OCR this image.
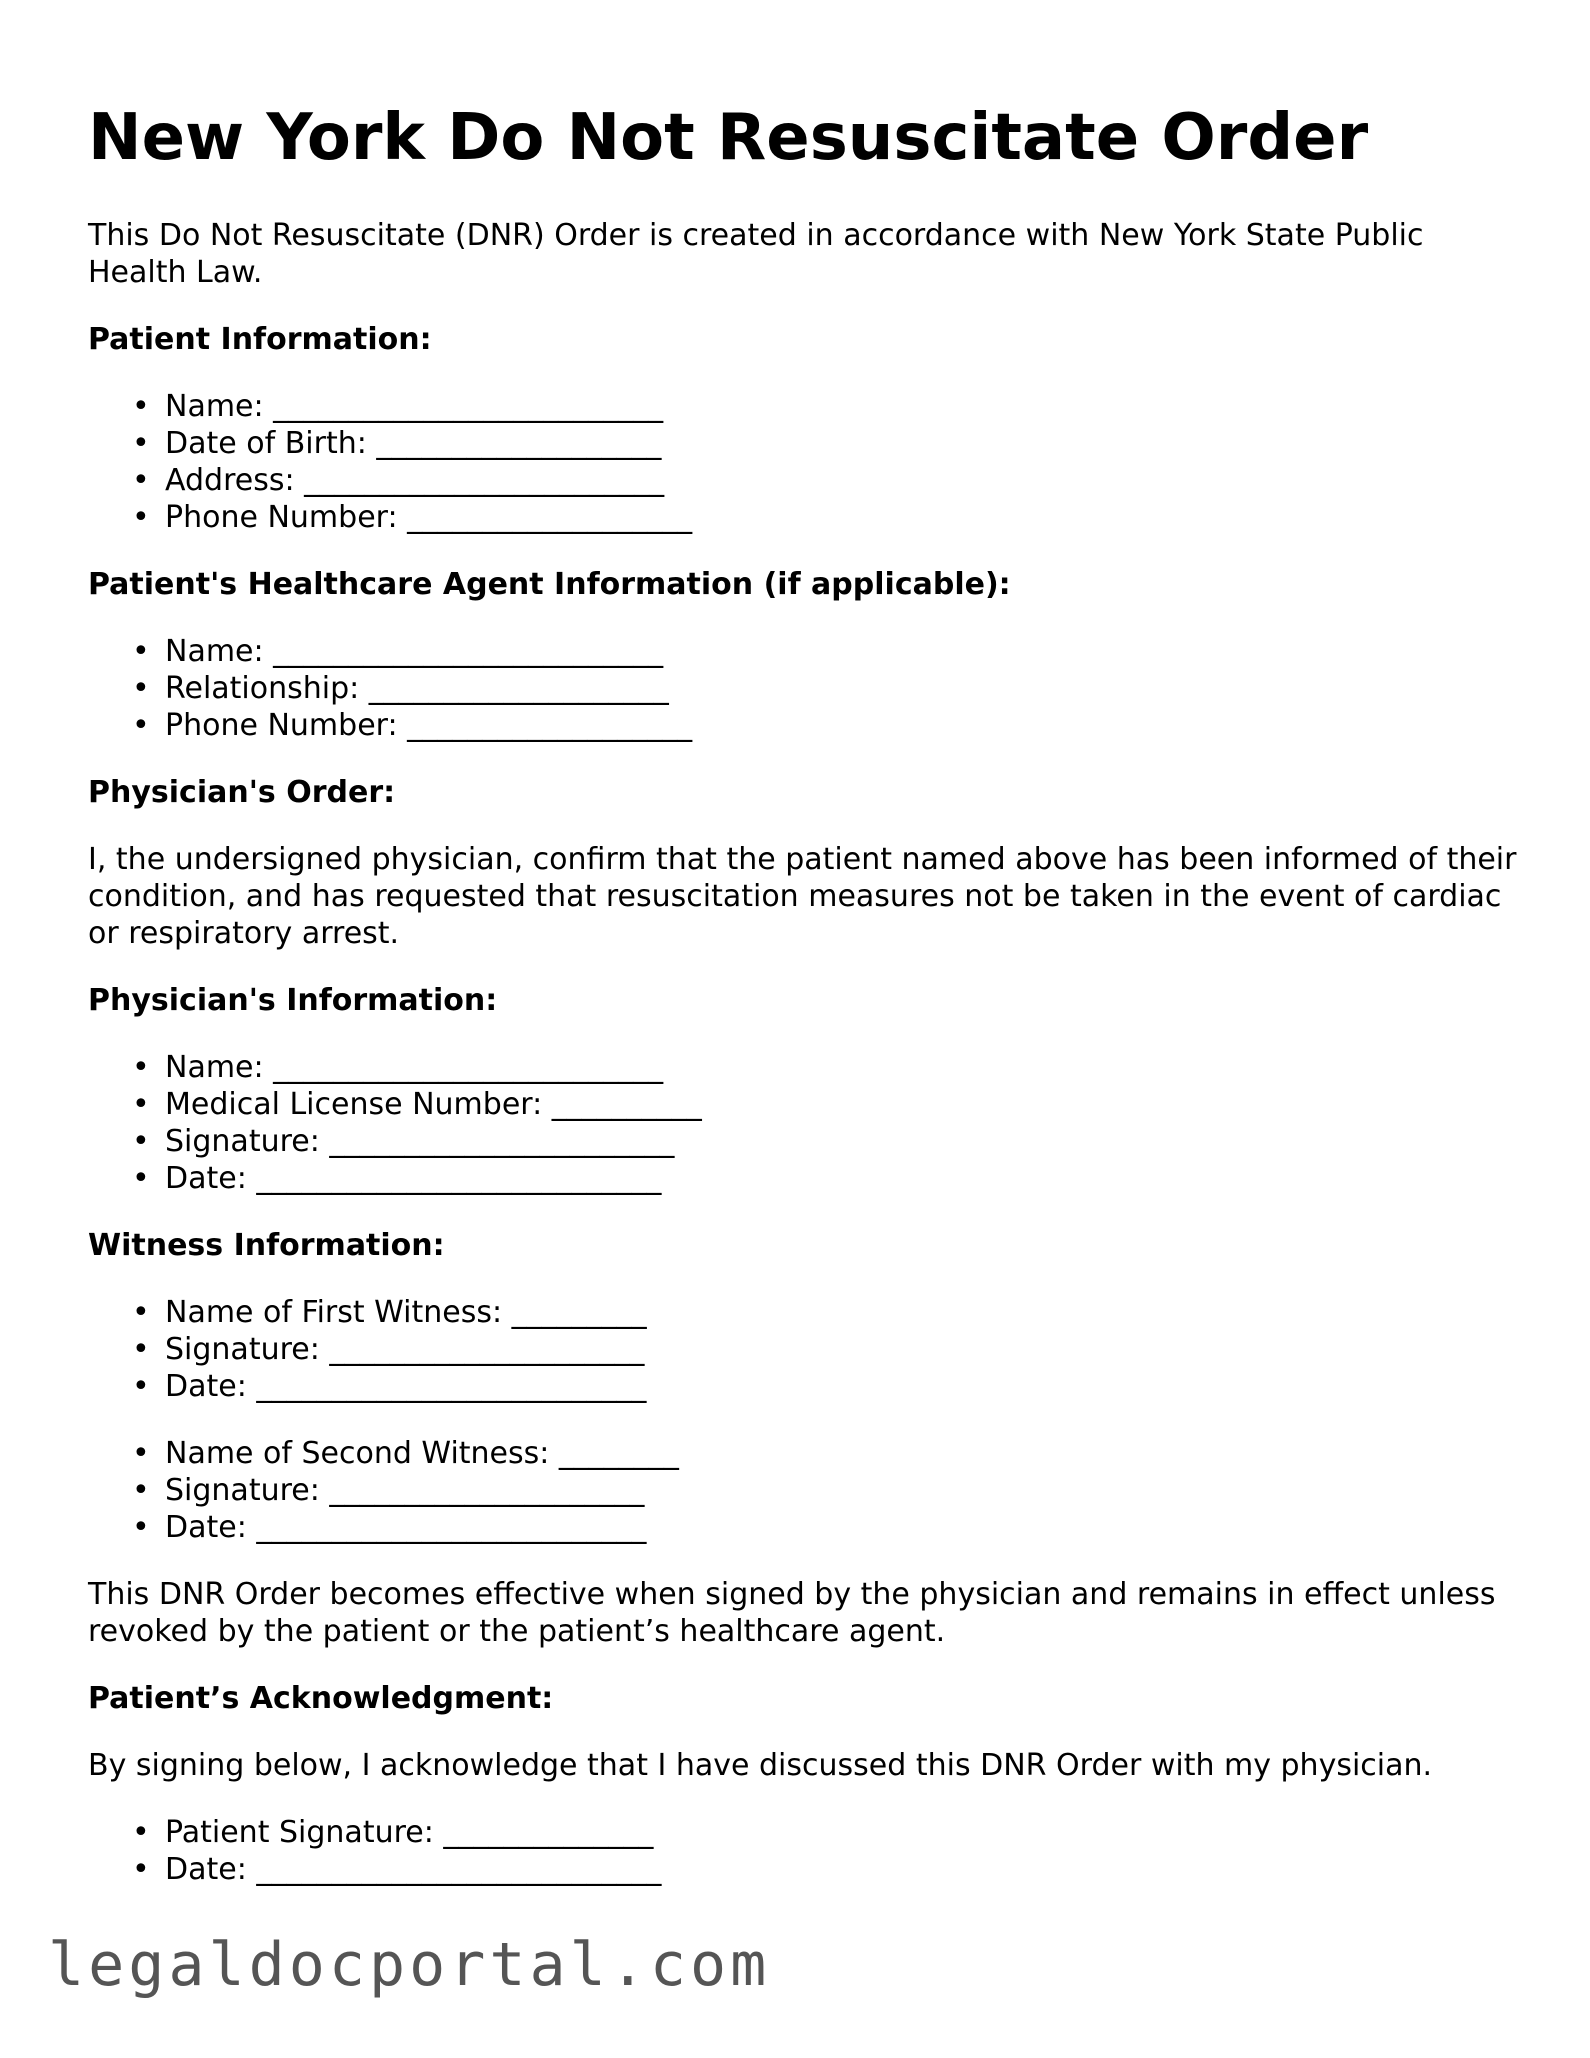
New York Do Not Resuscitate Order

This Do Not Resuscitate (DNR) Order is created in accordance with New York State Public Health Law.

Patient Information:
• Name: __________________________
• Date of Birth: ___________________
• Address: ________________________
• Phone Number: ___________________
Patient's Healthcare Agent Information (if applicable):
• Name: __________________________
• Relationship: ____________________
• Phone Number: ___________________
Physician's Order:

I, the undersigned physician, confirm that the patient named above has been informed of their condition, and has requested that resuscitation measures not be taken in the event of cardiac or respiratory arrest.

Physician's Information:
• Name: __________________________
• Medical License Number: __________
• Signature: _______________________
• Date: ___________________________
Witness Information:
• Name of First Witness: _________
• Signature: _____________________
• Date: __________________________
• Name of Second Witness: ________
• Signature: _____________________
• Date: __________________________

This DNR Order becomes effective when signed by the physician and remains in effect unless revoked by the patient or the patient’s healthcare agent.

Patient’s Acknowledgment:

By signing below, I acknowledge that I have discussed this DNR Order with my physician.

• Patient Signature: ______________
• Date: ___________________________
legaldocportal.com
